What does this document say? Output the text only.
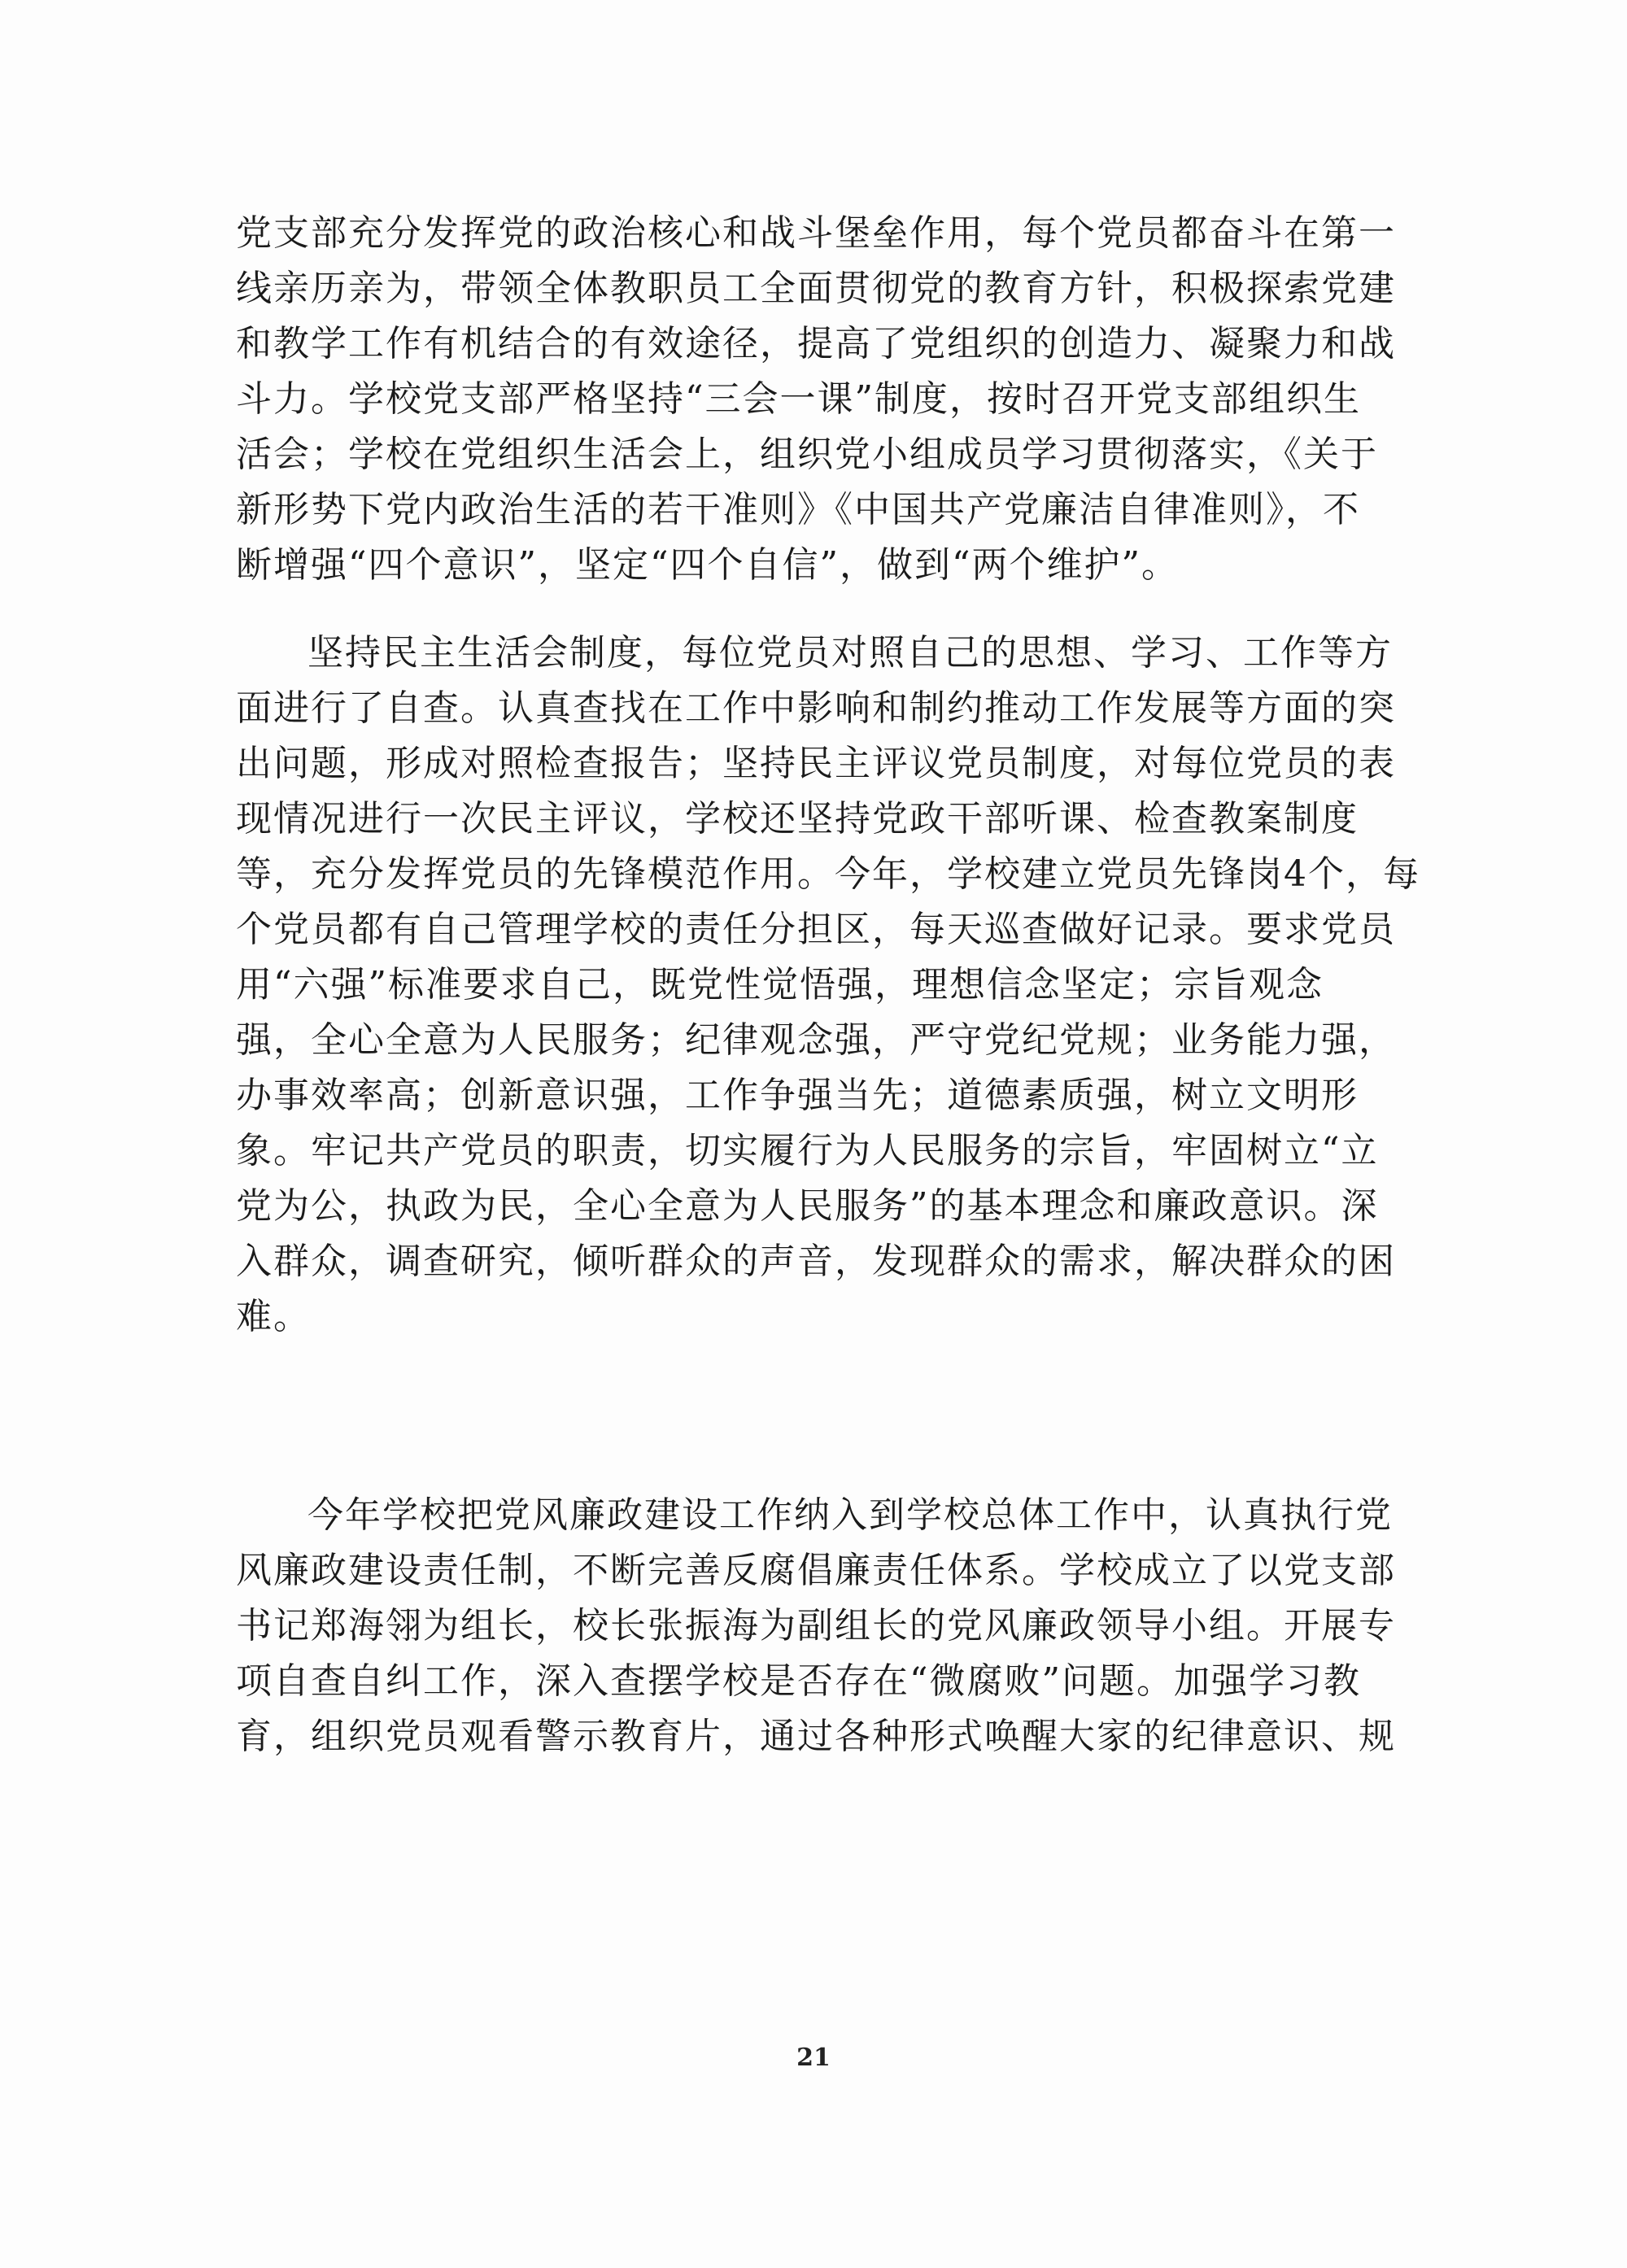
党支部充分发挥党的政治核心和战斗堡垒作用，每个党员都奋斗在第一
线亲历亲为，带领全体教职员工全面贯彻党的教育方针，积极探索党建
和教学工作有机结合的有效途径，提高了党组织的创造力、凝聚力和战
斗力。学校党支部严格坚持“三会一课”制度，按时召开党支部组织生
活会；学校在党组织生活会上，组织党小组成员学习贯彻落实，《关于
新形势下党内政治生活的若干准则》《中国共产党廉洁自律准则》，不
断增强“四个意识”，坚定“四个自信”，做到“两个维护”。
坚持民主生活会制度，每位党员对照自己的思想、学习、工作等方
面进行了自查。认真查找在工作中影响和制约推动工作发展等方面的突
出问题，形成对照检查报告；坚持民主评议党员制度，对每位党员的表
现情况进行一次民主评议，学校还坚持党政干部听课、检查教案制度
等，充分发挥党员的先锋模范作用。今年，学校建立党员先锋岗4个，每
个党员都有自己管理学校的责任分担区，每天巡查做好记录。要求党员
用“六强”标准要求自己，既党性觉悟强，理想信念坚定；宗旨观念
强，全心全意为人民服务；纪律观念强，严守党纪党规；业务能力强，
办事效率高；创新意识强，工作争强当先；道德素质强，树立文明形
象。牢记共产党员的职责，切实履行为人民服务的宗旨，牢固树立“立
党为公，执政为民，全心全意为人民服务”的基本理念和廉政意识。深
入群众，调查研究，倾听群众的声音，发现群众的需求，解决群众的困
难。
今年学校把党风廉政建设工作纳入到学校总体工作中，认真执行党
风廉政建设责任制，不断完善反腐倡廉责任体系。学校成立了以党支部
书记郑海翎为组长，校长张振海为副组长的党风廉政领导小组。开展专
项自查自纠工作，深入查摆学校是否存在“微腐败”问题。加强学习教
育，组织党员观看警示教育片，通过各种形式唤醒大家的纪律意识、规
21
